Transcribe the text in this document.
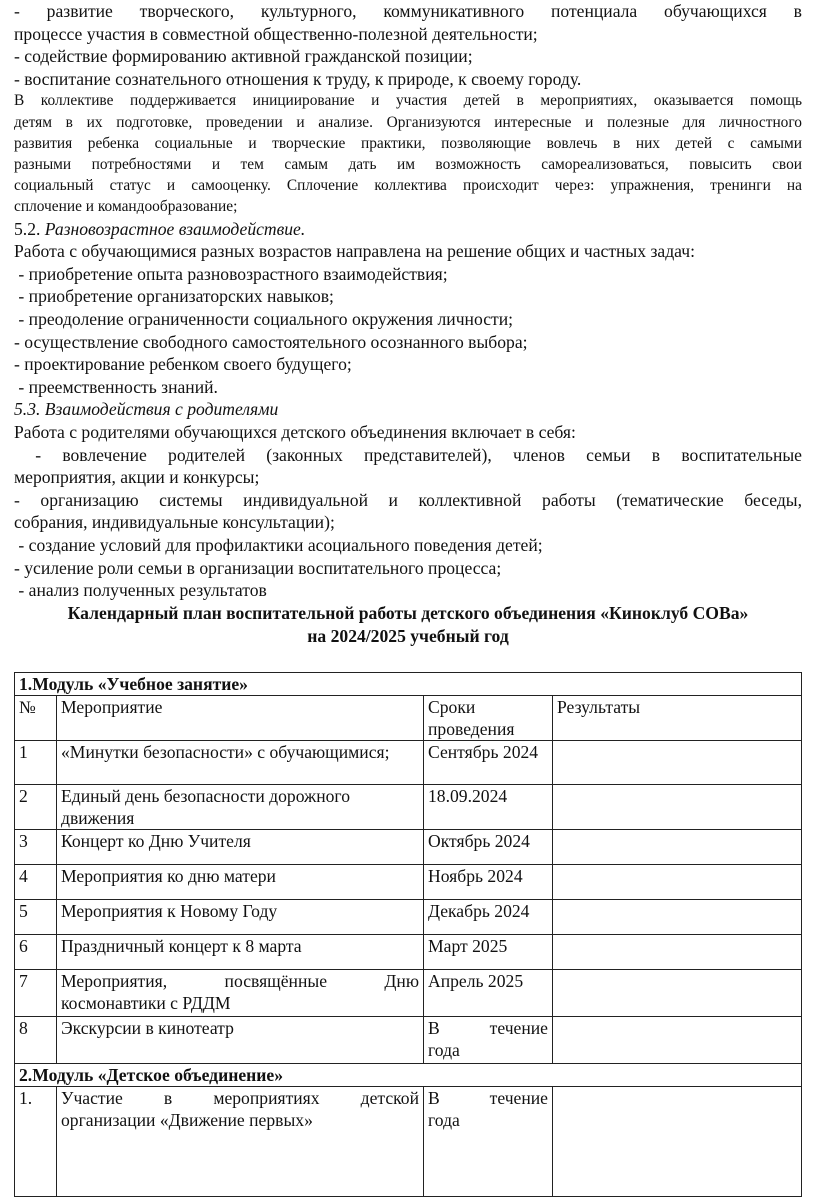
- развитие творческого, культурного, коммуникативного потенциала обучающихся в

процессе участия в совместной общественно-полезной деятельности;

- содействие формированию активной гражданской позиции;

- воспитание сознательного отношения к труду, к природе, к своему городу.

В коллективе поддерживается инициирование и участия детей в мероприятиях, оказывается помощь

детям в их подготовке, проведении и анализе. Организуются интересные и полезные для личностного

развития ребенка социальные и творческие практики, позволяющие вовлечь в них детей с самыми

разными потребностями и тем самым дать им возможность самореализоваться, повысить свои

социальный статус и самооценку. Сплочение коллектива происходит через: упражнения, тренинги на

сплочение и командообразование;

5.2. Разновозрастное взаимодействие.

Работа с обучающимися разных возрастов направлена на решение общих и частных задач:

- приобретение опыта разновозрастного взаимодействия;

- приобретение организаторских навыков;

- преодоление ограниченности социального окружения личности;

- осуществление свободного самостоятельного осознанного выбора;

- проектирование ребенком своего будущего;

- преемственность знаний.

5.3. Взаимодействия с родителями

Работа с родителями обучающихся детского объединения включает в себя:

- вовлечение родителей (законных представителей), членов семьи в воспитательные

мероприятия, акции и конкурсы;

- организацию системы индивидуальной и коллективной работы (тематические беседы,

собрания, индивидуальные консультации);

- создание условий для профилактики асоциального поведения детей;

- усиление роли семьи в организации воспитательного процесса;

- анализ полученных результатов

Календарный план воспитательной работы детского объединения «Киноклуб СОВа»

на 2024/2025 учебный год

1.Модуль «Учебное занятие»			
№	Мероприятие	Сроки проведения	Результаты
1	«Минутки безопасности» с обучающимися;	Сентябрь 2024	
2	Единый день безопасности дорожного движения	18.09.2024	
3	Концерт ко Дню Учителя	Октябрь 2024	
4	Мероприятия ко дню матери	Ноябрь 2024	
5	Мероприятия к Новому Году	Декабрь 2024	
6	Праздничный концерт к 8 марта	Март 2025	
7	Мероприятия, посвящённые Дню
космонавтики с РДДМ	Апрель 2025	
8	Экскурсии в кинотеатр	В течение
года	
2.Модуль «Детское объединение»			
1.	Участие в мероприятиях детской
организации «Движение первых»	В течение
года	
